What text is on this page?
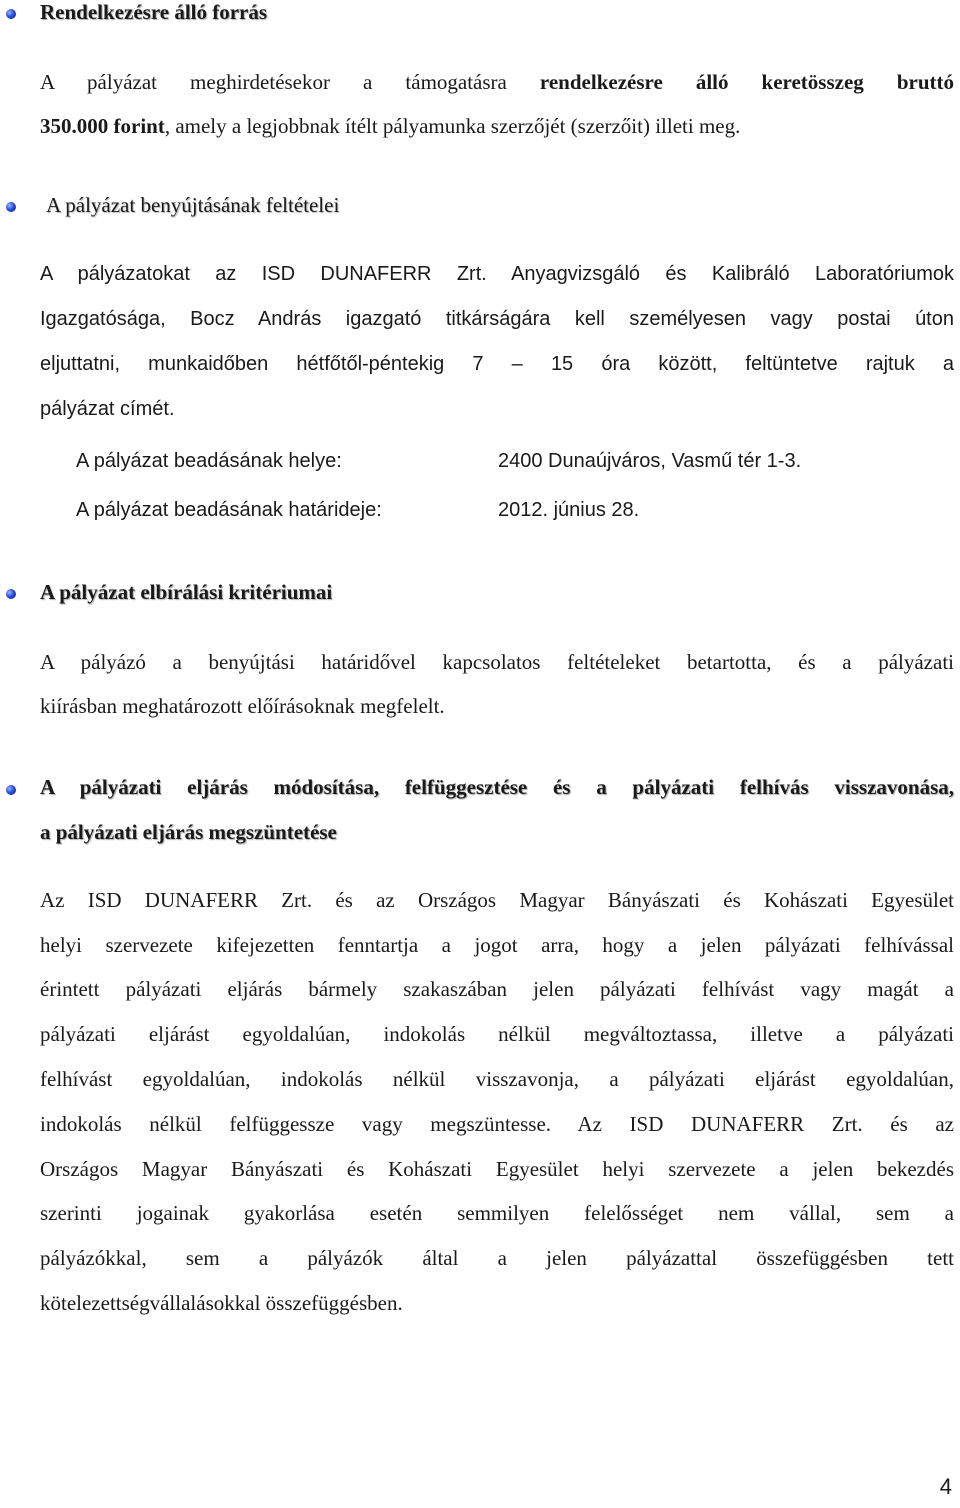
Rendelkezésre álló forrás
A pályázat meghirdetésekor a támogatásra rendelkezésre álló keretösszeg bruttó
350.000 forint, amely a legjobbnak ítélt pályamunka szerzőjét (szerzőit) illeti meg.
A pályázat benyújtásának feltételei
A pályázatokat az ISD DUNAFERR Zrt. Anyagvizsgáló és Kalibráló Laboratóriumok
Igazgatósága, Bocz András igazgató titkárságára kell személyesen vagy postai úton
eljuttatni, munkaidőben hétfőtől-péntekig 7 – 15 óra között, feltüntetve rajtuk a
pályázat címét.
A pályázat beadásának helye:	2400 Dunaújváros, Vasmű tér 1-3.
A pályázat beadásának határideje:	2012. június 28.
A pályázat elbírálási kritériumai
A pályázó a benyújtási határidővel kapcsolatos feltételeket betartotta, és a pályázati
kiírásban meghatározott előírásoknak megfelelt.
A pályázati eljárás módosítása, felfüggesztése és a pályázati felhívás visszavonása,
a pályázati eljárás megszüntetése
Az ISD DUNAFERR Zrt. és az Országos Magyar Bányászati és Kohászati Egyesület
helyi szervezete kifejezetten fenntartja a jogot arra, hogy a jelen pályázati felhívással
érintett pályázati eljárás bármely szakaszában jelen pályázati felhívást vagy magát a
pályázati eljárást egyoldalúan, indokolás nélkül megváltoztassa, illetve a pályázati
felhívást egyoldalúan, indokolás nélkül visszavonja, a pályázati eljárást egyoldalúan,
indokolás nélkül felfüggessze vagy megszüntesse. Az ISD DUNAFERR Zrt. és az
Országos Magyar Bányászati és Kohászati Egyesület helyi szervezete a jelen bekezdés
szerinti jogainak gyakorlása esetén semmilyen felelősséget nem vállal, sem a
pályázókkal, sem a pályázók által a jelen pályázattal összefüggésben tett
kötelezettségvállalásokkal összefüggésben.
4
